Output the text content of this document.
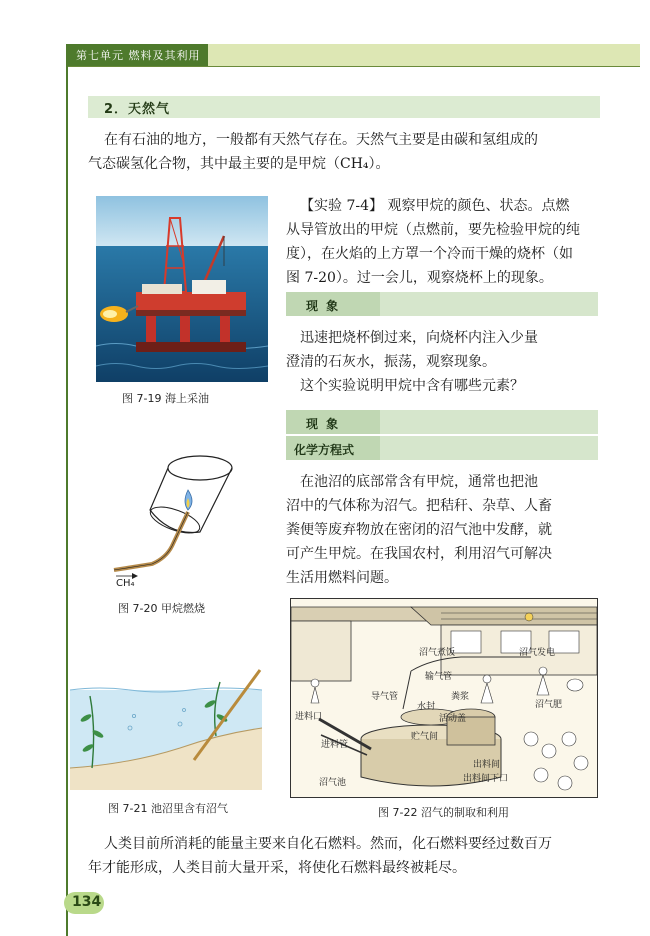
第七单元 燃料及其利用
2．天然气
在有石油的地方，一般都有天然气存在。天然气主要是由碳和氢组成的
气态碳氢化合物，其中最主要的是甲烷（CH₄）。
图 7-19 海上采油
【实验 7-4】 观察甲烷的颜色、状态。点燃
从导管放出的甲烷（点燃前，要先检验甲烷的纯
度），在火焰的上方罩一个冷而干燥的烧杯（如
图 7-20）。过一会儿，观察烧杯上的现象。
现 象
迅速把烧杯倒过来，向烧杯内注入少量
澄清的石灰水，振荡，观察现象。
这个实验说明甲烷中含有哪些元素？
现 象
化学方程式
CH₄
图 7-20 甲烷燃烧
在池沼的底部常含有甲烷，通常也把池
沼中的气体称为沼气。把秸秆、杂草、人畜
粪便等废弃物放在密闭的沼气池中发酵，就
可产生甲烷。在我国农村，利用沼气可解决
生活用燃料问题。
图 7-21 池沼里含有沼气
沼气煮饭	沼气发电
输气管
导气管
水封
粪浆
进料口	活动盖
贮气间
进料管
沼气肥
出料间
出料间下口
沼气池
图 7-22 沼气的制取和利用
人类目前所消耗的能量主要来自化石燃料。然而，化石燃料要经过数百万
年才能形成，人类目前大量开采，将使化石燃料最终被耗尽。
134
